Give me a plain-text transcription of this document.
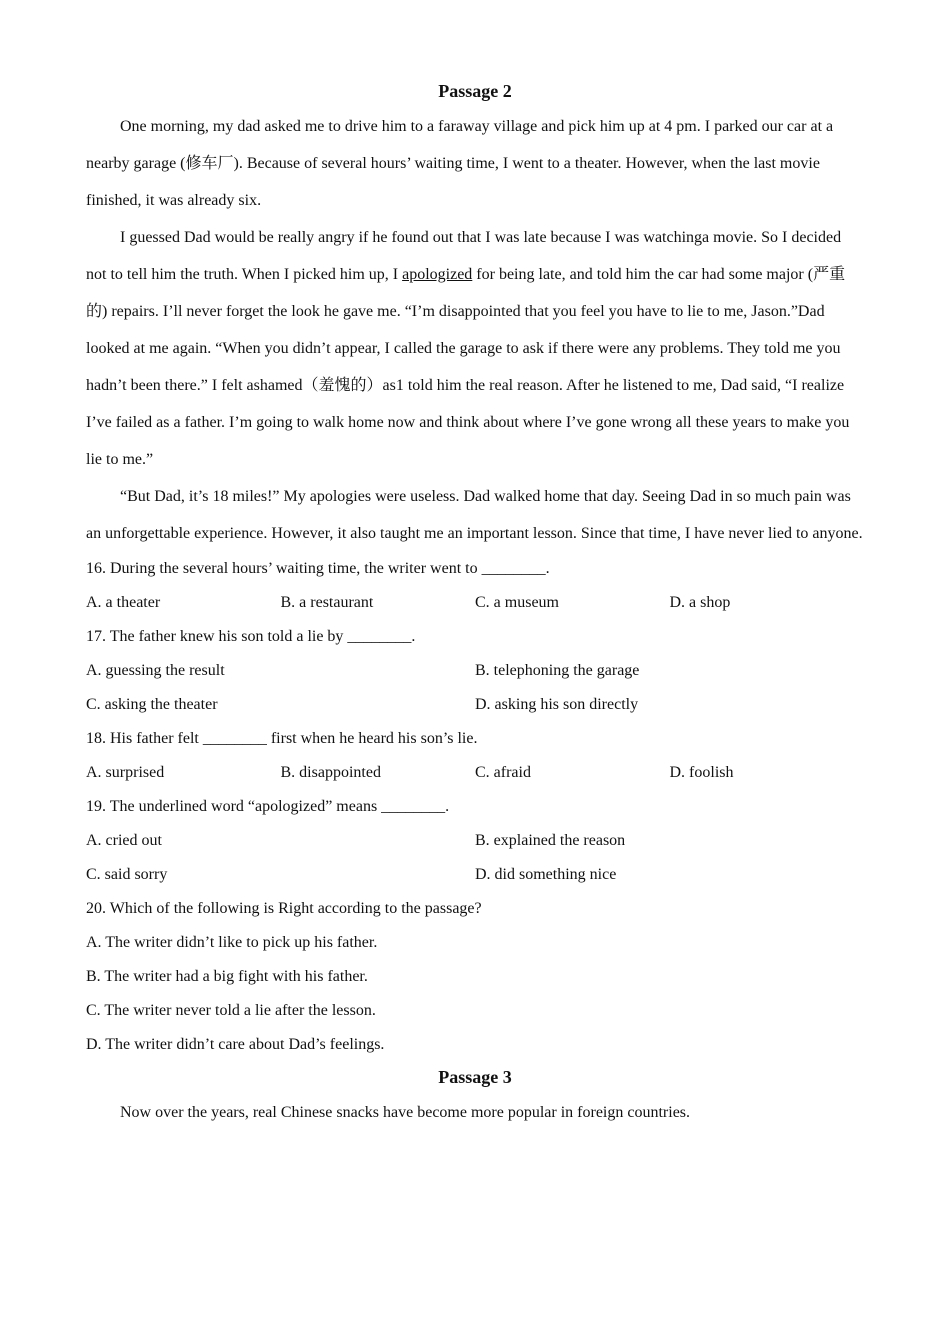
Passage 2

One morning, my dad asked me to drive him to a faraway village and pick him up at 4 pm. I parked our car at a nearby garage (修车厂). Because of several hours’ waiting time, I went to a theater. However, when the last movie finished, it was already six.

I guessed Dad would be really angry if he found out that I was late because I was watchinga movie. So I decided not to tell him the truth. When I picked him up, I apologized for being late, and told him the car had some major (严重的) repairs. I’ll never forget the look he gave me. “I’m disappointed that you feel you have to lie to me, Jason.”Dad looked at me again. “When you didn’t appear, I called the garage to ask if there were any problems. They told me you hadn’t been there.” I felt ashamed（羞愧的）as1 told him the real reason. After he listened to me, Dad said, “I realize I’ve failed as a father. I’m going to walk home now and think about where I’ve gone wrong all these years to make you lie to me.”

“But Dad, it’s 18 miles!” My apologies were useless. Dad walked home that day. Seeing Dad in so much pain was an unforgettable experience. However, it also taught me an important lesson. Since that time, I have never lied to anyone.

16. During the several hours’ waiting time, the writer went to ________.

A. a theater	B. a restaurant	C. a museum	D. a shop

17. The father knew his son told a lie by ________.

A. guessing the result	B. telephoning the garage
C. asking the theater	D. asking his son directly

18. His father felt ________ first when he heard his son’s lie.

A. surprised	B. disappointed	C. afraid	D. foolish

19. The underlined word “apologized” means ________.

A. cried out	B. explained the reason
C. said sorry	D. did something nice

20. Which of the following is Right according to the passage?

A. The writer didn’t like to pick up his father.

B. The writer had a big fight with his father.

C. The writer never told a lie after the lesson.

D. The writer didn’t care about Dad’s feelings.

Passage 3

Now over the years, real Chinese snacks have become more popular in foreign countries.
